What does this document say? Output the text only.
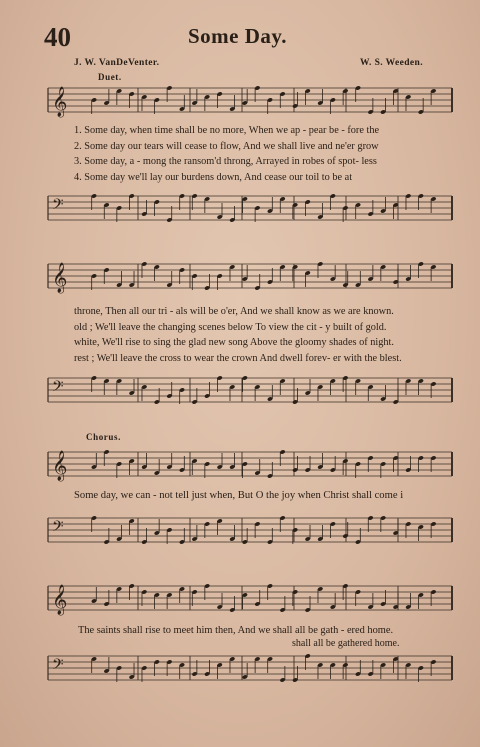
40	Some Day.
J. W. VanDeVenter.	W. S. Weeden.
Duet.
𝄞
1. Some day, when time shall be no more, When we ap - pear be - fore the
2. Some day our tears will cease to flow, And we shall live and ne'er grow
3. Some day, a - mong the ransom'd throng, Arrayed in robes of spot- less
4. Some day we'll lay our burdens down, And cease our toil to be at
𝄢
𝄞
throne, Then all our tri - als will be o'er, And we shall know as we are known.
old ; We'll leave the changing scenes below To view the cit - y built of gold.
white, We'll rise to sing the glad new song Above the gloomy shades of night.
rest ; We'll leave the cross to wear the crown And dwell forev- er with the blest.
𝄢
Chorus.
𝄞
Some day, we can - not tell just when, But O the joy when Christ shall come i
𝄢
𝄞
The saints shall rise to meet him then, And we shall all be gath - ered home.
shall all be gathered home.
𝄢
